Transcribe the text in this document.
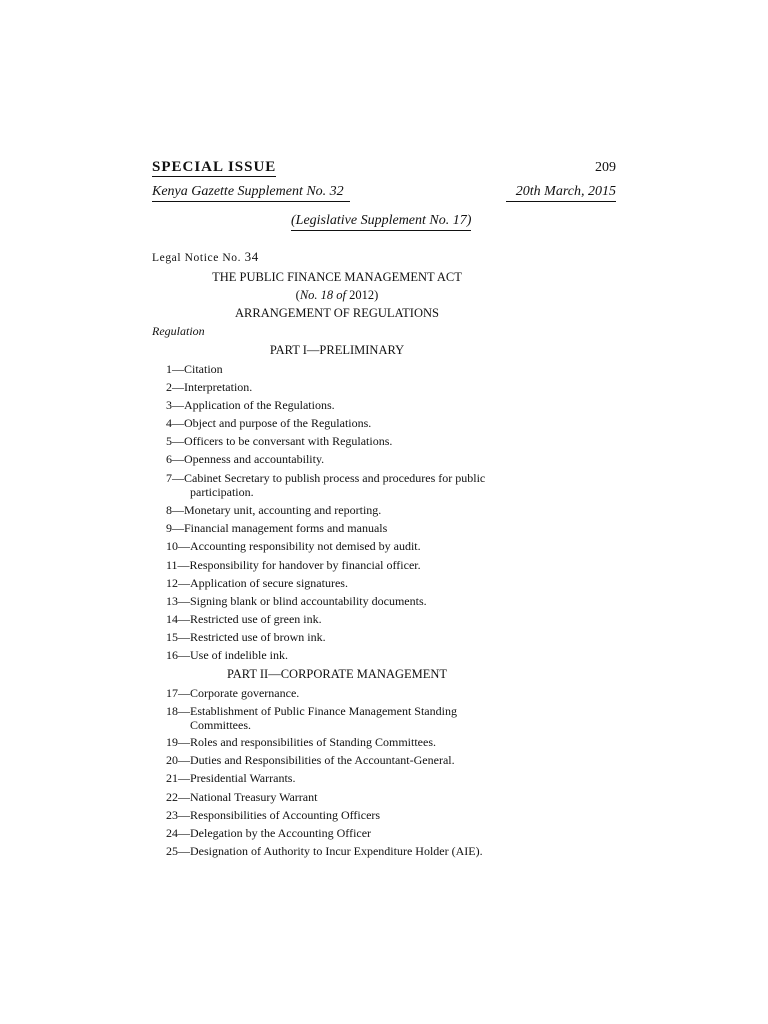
SPECIAL ISSUE	209
Kenya Gazette Supplement No. 32	20th March, 2015
(Legislative Supplement No. 17)
Legal Notice No. 34
THE PUBLIC FINANCE MANAGEMENT ACT
(No. 18 of 2012)
ARRANGEMENT OF REGULATIONS
Regulation
PART I—PRELIMINARY
1—Citation
2—Interpretation.
3—Application of the Regulations.
4—Object and purpose of the Regulations.
5—Officers to be conversant with Regulations.
6—Openness and accountability.
7—Cabinet Secretary to publish process and procedures for public
participation.
8—Monetary unit, accounting and reporting.
9—Financial management forms and manuals
10—Accounting responsibility not demised by audit.
11—Responsibility for handover by financial officer.
12—Application of secure signatures.
13—Signing blank or blind accountability documents.
14—Restricted use of green ink.
15—Restricted use of brown ink.
16—Use of indelible ink.
PART II—CORPORATE MANAGEMENT
17—Corporate governance.
18—Establishment of Public Finance Management Standing
Committees.
19—Roles and responsibilities of Standing Committees.
20—Duties and Responsibilities of the Accountant-General.
21—Presidential Warrants.
22—National Treasury Warrant
23—Responsibilities of Accounting Officers
24—Delegation by the Accounting Officer
25—Designation of Authority to Incur Expenditure Holder (AIE).
